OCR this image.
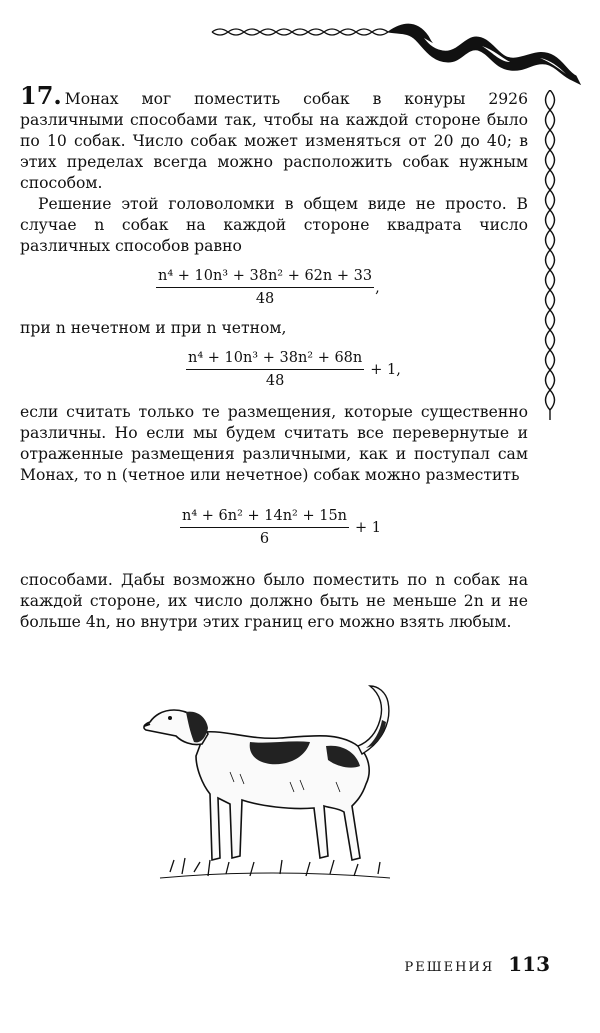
17. Монах мог поместить собак в конуры 2926 различными способами так, чтобы на каждой стороне было по 10 собак. Число собак может изменяться от 20 до 40; в этих пределах всегда можно расположить собак нужным способом.
Решение этой головоломки в общем виде не просто. В случае n собак на каждой стороне квадрата число различных способов равно
$\frac{\text{n⁴ + 10n³ + 38n² + 62n + 33}}{48}$ ,
при n нечетном и при n четном,
$\frac{\text{n⁴ + 10n³ + 38n² + 68n}}{48} + 1$,
если считать только те размещения, которые существенно различны. Но если мы будем считать все перевернутые и отраженные размещения различными, как и поступал сам Монах, то n (четное или нечетное) собак можно разместить
$\frac{\text{n⁴ + 6n² + 14n² + 15n}}{6} + 1$
способами. Дабы возможно было поместить по n собак на каждой стороне, их число должно быть не меньше 2n и не больше 4n, но внутри этих границ его можно взять любым.
РЕШЕНИЯ 113
